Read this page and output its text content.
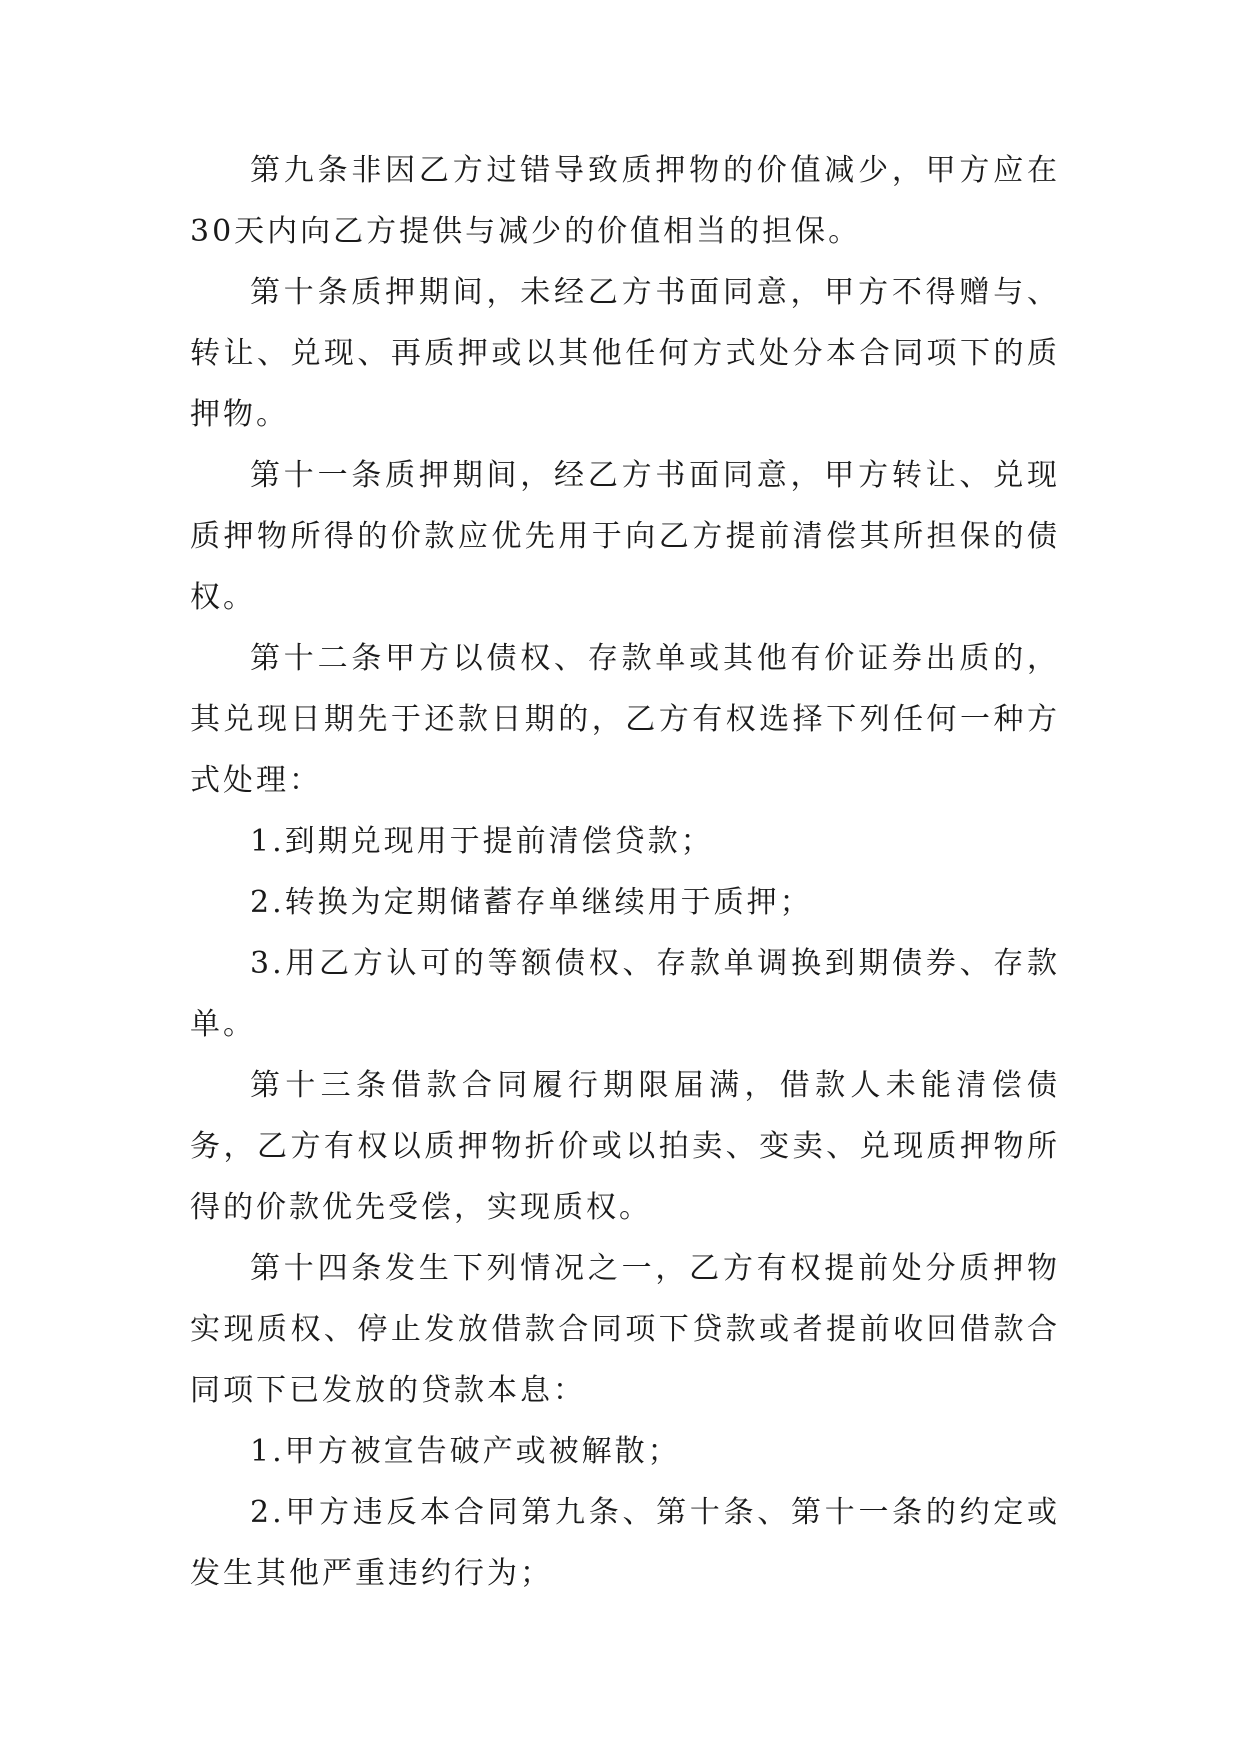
第九条非因乙方过错导致质押物的价值减少，甲方应在30天内向乙方提供与减少的价值相当的担保。

第十条质押期间，未经乙方书面同意，甲方不得赠与、转让、兑现、再质押或以其他任何方式处分本合同项下的质押物。

第十一条质押期间，经乙方书面同意，甲方转让、兑现质押物所得的价款应优先用于向乙方提前清偿其所担保的债权。

第十二条甲方以债权、存款单或其他有价证券出质的，其兑现日期先于还款日期的，乙方有权选择下列任何一种方式处理：

1.到期兑现用于提前清偿贷款；

2.转换为定期储蓄存单继续用于质押；

3.用乙方认可的等额债权、存款单调换到期债券、存款单。

第十三条借款合同履行期限届满，借款人未能清偿债务，乙方有权以质押物折价或以拍卖、变卖、兑现质押物所得的价款优先受偿，实现质权。

第十四条发生下列情况之一，乙方有权提前处分质押物实现质权、停止发放借款合同项下贷款或者提前收回借款合同项下已发放的贷款本息：

1.甲方被宣告破产或被解散；

2.甲方违反本合同第九条、第十条、第十一条的约定或发生其他严重违约行为；
